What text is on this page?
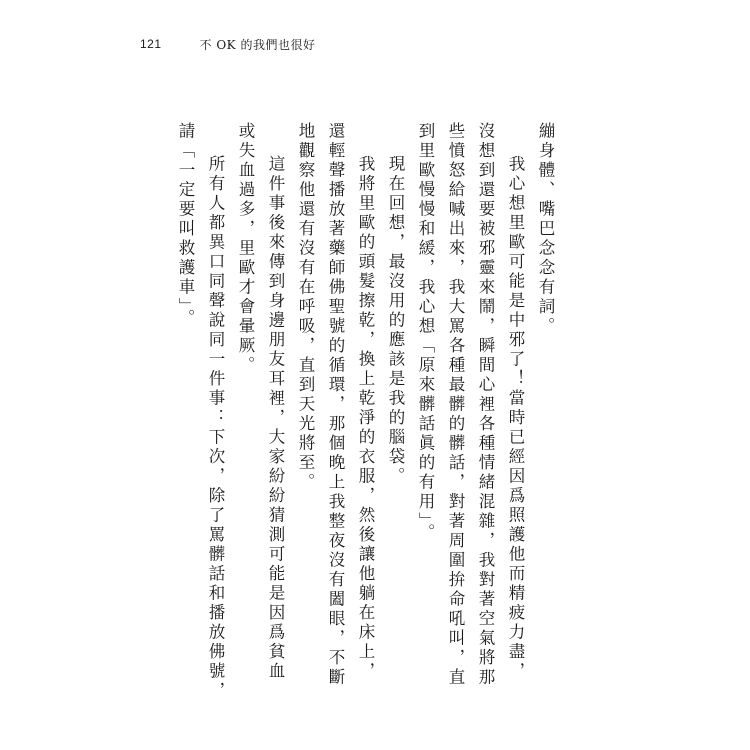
121	不 OK 的我們也很好
繃身體、嘴巴念念有詞。
我心想里歐可能是中邪了！當時已經因爲照護他而精疲力盡，
沒想到還要被邪靈來鬧，瞬間心裡各種情緒混雜，我對著空氣將那
些憤怒給喊出來，我大罵各種最髒的髒話，對著周圍拚命吼叫，直
到里歐慢慢和緩，我心想「原來髒話眞的有用」。
現在回想，最沒用的應該是我的腦袋。
我將里歐的頭髮擦乾，換上乾淨的衣服，然後讓他躺在床上，
還輕聲播放著藥師佛聖號的循環，那個晚上我整夜沒有闔眼，不斷
地觀察他還有沒有在呼吸，直到天光將至。
這件事後來傳到身邊朋友耳裡，大家紛紛猜測可能是因爲貧血
或失血過多，里歐才會暈厥。
所有人都異口同聲說同一件事：下次，除了罵髒話和播放佛號，
請「一定要叫救護車」。
